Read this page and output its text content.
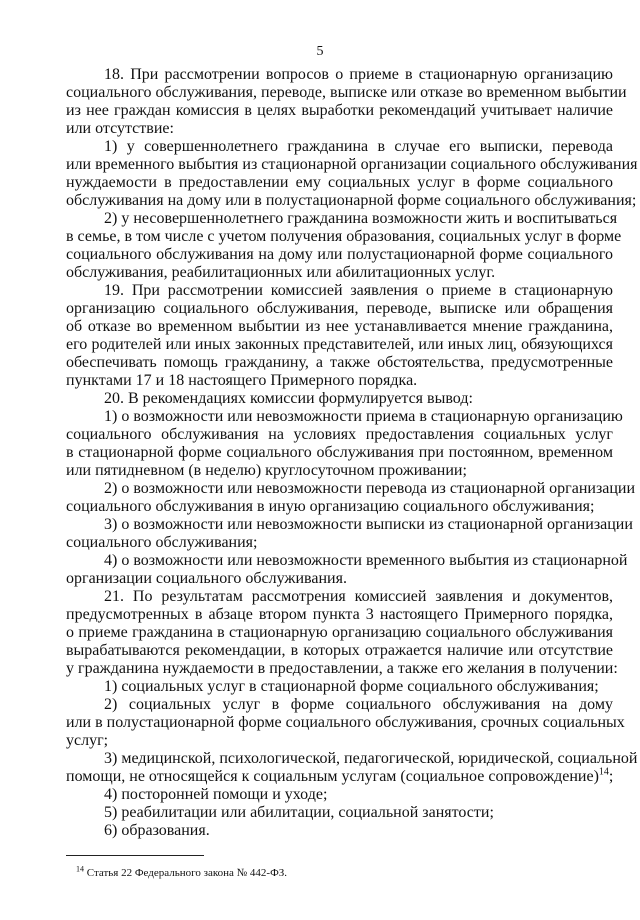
5
18. При рассмотрении вопросов о приеме в стационарную организацию
социального обслуживания, переводе, выписке или отказе во временном выбытии
из нее граждан комиссия в целях выработки рекомендаций учитывает наличие
или отсутствие:
1) у совершеннолетнего гражданина в случае его выписки, перевода
или временного выбытия из стационарной организации социального обслуживания
нуждаемости в предоставлении ему социальных услуг в форме социального
обслуживания на дому или в полустационарной форме социального обслуживания;
2) у несовершеннолетнего гражданина возможности жить и воспитываться
в семье, в том числе с учетом получения образования, социальных услуг в форме
социального обслуживания на дому или полустационарной форме социального
обслуживания, реабилитационных или абилитационных услуг.
19. При рассмотрении комиссией заявления о приеме в стационарную
организацию социального обслуживания, переводе, выписке или обращения
об отказе во временном выбытии из нее устанавливается мнение гражданина,
его родителей или иных законных представителей, или иных лиц, обязующихся
обеспечивать помощь гражданину, а также обстоятельства, предусмотренные
пунктами 17 и 18 настоящего Примерного порядка.
20. В рекомендациях комиссии формулируется вывод:
1) о возможности или невозможности приема в стационарную организацию
социального обслуживания на условиях предоставления социальных услуг
в стационарной форме социального обслуживания при постоянном, временном
или пятидневном (в неделю) круглосуточном проживании;
2) о возможности или невозможности перевода из стационарной организации
социального обслуживания в иную организацию социального обслуживания;
3) о возможности или невозможности выписки из стационарной организации
социального обслуживания;
4) о возможности или невозможности временного выбытия из стационарной
организации социального обслуживания.
21. По результатам рассмотрения комиссией заявления и документов,
предусмотренных в абзаце втором пункта 3 настоящего Примерного порядка,
о приеме гражданина в стационарную организацию социального обслуживания
вырабатываются рекомендации, в которых отражается наличие или отсутствие
у гражданина нуждаемости в предоставлении, а также его желания в получении:
1) социальных услуг в стационарной форме социального обслуживания;
2) социальных услуг в форме социального обслуживания на дому
или в полустационарной форме социального обслуживания, срочных социальных
услуг;
3) медицинской, психологической, педагогической, юридической, социальной
помощи, не относящейся к социальным услугам (социальное сопровождение)$^{14}$;
4) посторонней помощи и уходе;
5) реабилитации или абилитации, социальной занятости;
6) образования.
$^{14}$ Статья 22 Федерального закона № 442-ФЗ.
